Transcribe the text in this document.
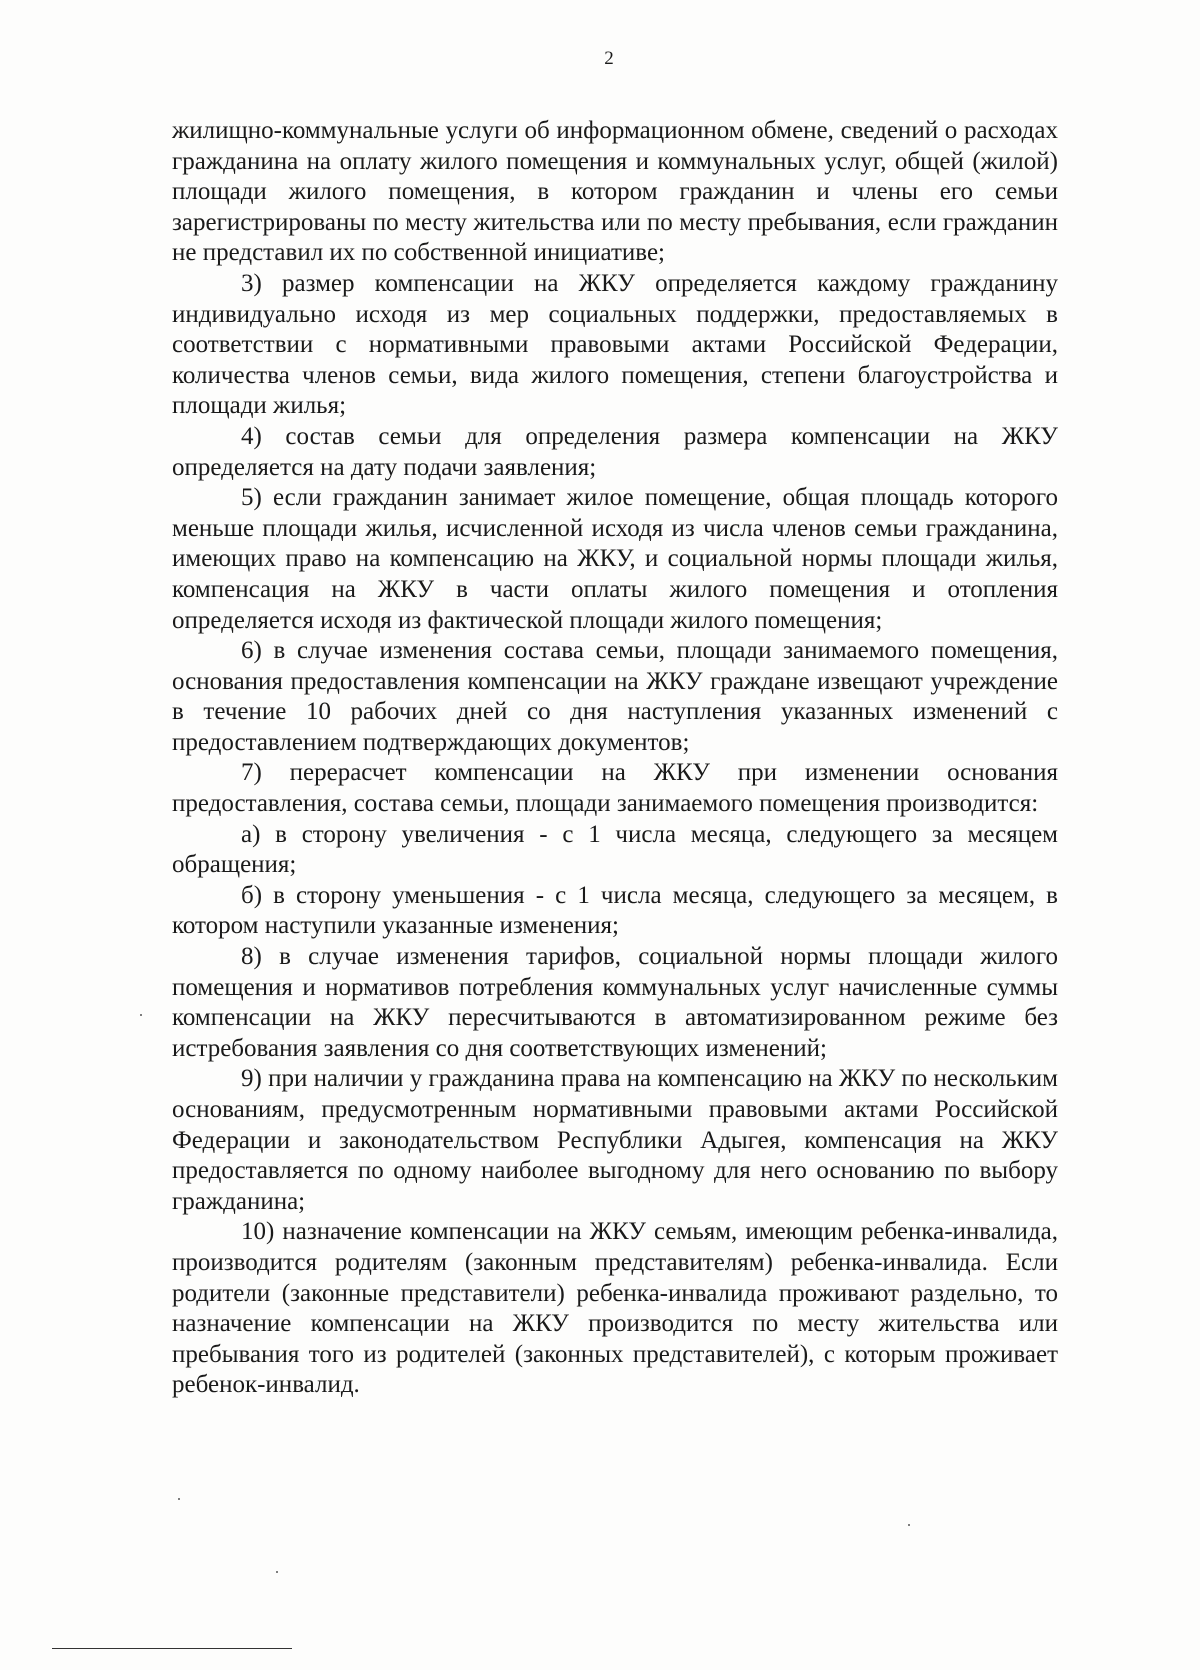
2

жилищно-коммунальные услуги об информационном обмене, сведений о расходах гражданина на оплату жилого помещения и коммунальных услуг, общей (жилой) площади жилого помещения, в котором гражданин и члены его семьи зарегистрированы по месту жительства или по месту пребывания, если гражданин не представил их по собственной инициативе;

3) размер компенсации на ЖКУ определяется каждому гражданину индивидуально исходя из мер социальных поддержки, предоставляемых в соответствии с нормативными правовыми актами Российской Федерации, количества членов семьи, вида жилого помещения, степени благоустройства и площади жилья;

4) состав семьи для определения размера компенсации на ЖКУ определяется на дату подачи заявления;

5) если гражданин занимает жилое помещение, общая площадь которого меньше площади жилья, исчисленной исходя из числа членов семьи гражданина, имеющих право на компенсацию на ЖКУ, и социальной нормы площади жилья, компенсация на ЖКУ в части оплаты жилого помещения и отопления определяется исходя из фактической площади жилого помещения;

6) в случае изменения состава семьи, площади занимаемого помещения, основания предоставления компенсации на ЖКУ граждане извещают учреждение в течение 10 рабочих дней со дня наступления указанных изменений с предоставлением подтверждающих документов;

7) перерасчет компенсации на ЖКУ при изменении основания предоставления, состава семьи, площади занимаемого помещения производится:

а) в сторону увеличения - с 1 числа месяца, следующего за месяцем обращения;

б) в сторону уменьшения - с 1 числа месяца, следующего за месяцем, в котором наступили указанные изменения;

8) в случае изменения тарифов, социальной нормы площади жилого помещения и нормативов потребления коммунальных услуг начисленные суммы компенсации на ЖКУ пересчитываются в автоматизированном режиме без истребования заявления со дня соответствующих изменений;

9) при наличии у гражданина права на компенсацию на ЖКУ по нескольким основаниям, предусмотренным нормативными правовыми актами Российской Федерации и законодательством Республики Адыгея, компенсация на ЖКУ предоставляется по одному наиболее выгодному для него основанию по выбору гражданина;

10) назначение компенсации на ЖКУ семьям, имеющим ребенка-инвалида, производится родителям (законным представителям) ребенка-инвалида. Если родители (законные представители) ребенка-инвалида проживают раздельно, то назначение компенсации на ЖКУ производится по месту жительства или пребывания того из родителей (законных представителей), с которым проживает ребенок-инвалид.
